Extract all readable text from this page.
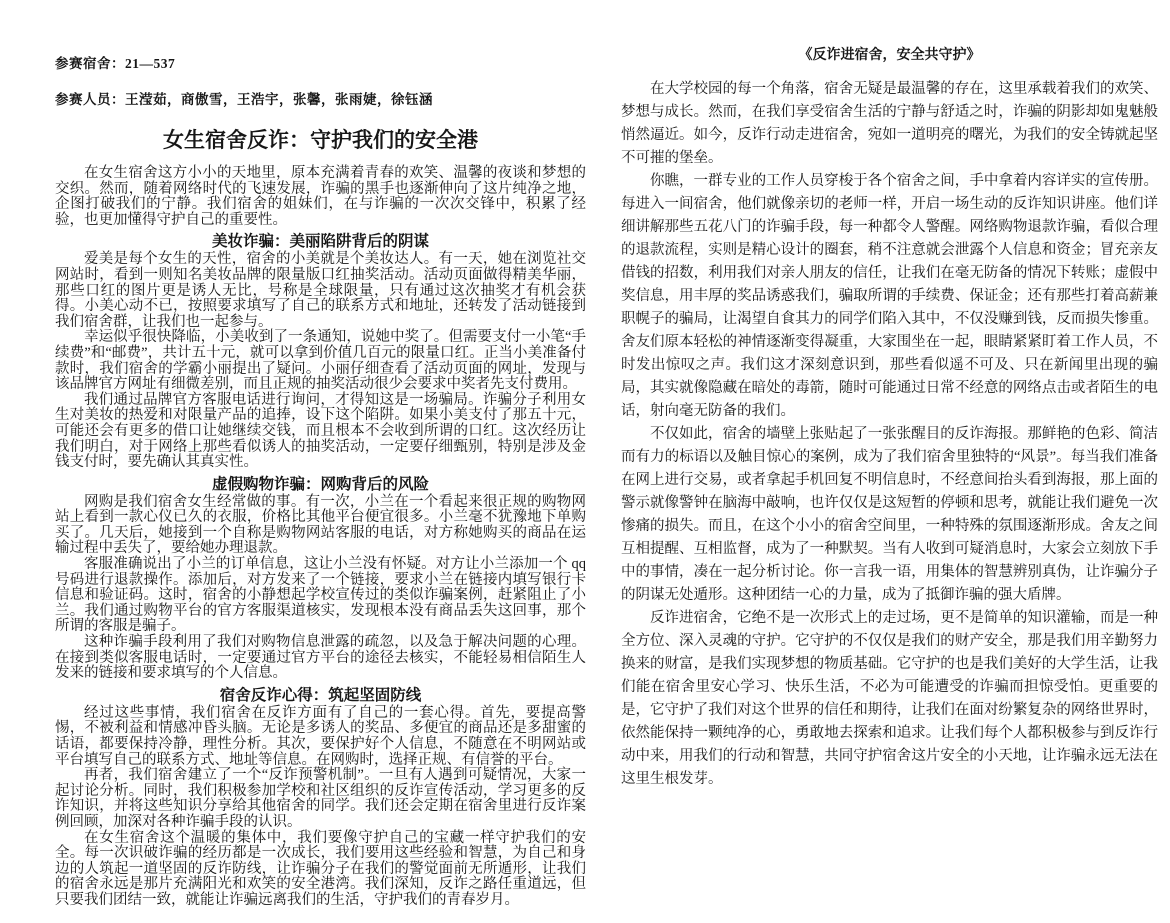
参赛宿舍：21—537
参赛人员：王滢茹，商傲雪，王浩宇，张馨，张雨婕，徐钰涵
女生宿舍反诈：守护我们的安全港

在女生宿舍这方小小的天地里，原本充满着青春的欢笑、温馨的夜谈和梦想的交织。然而，随着网络时代的飞速发展，诈骗的黑手也逐渐伸向了这片纯净之地，企图打破我们的宁静。我们宿舍的姐妹们，在与诈骗的一次次交锋中，积累了经验，也更加懂得守护自己的重要性。

美妆诈骗：美丽陷阱背后的阴谋

爱美是每个女生的天性，宿舍的小美就是个美妆达人。有一天，她在浏览社交网站时，看到一则知名美妆品牌的限量版口红抽奖活动。活动页面做得精美华丽，那些口红的图片更是诱人无比，号称是全球限量，只有通过这次抽奖才有机会获得。小美心动不已，按照要求填写了自己的联系方式和地址，还转发了活动链接到我们宿舍群，让我们也一起参与。

幸运似乎很快降临，小美收到了一条通知，说她中奖了。但需要支付一小笔“手续费”和“邮费”，共计五十元，就可以拿到价值几百元的限量口红。正当小美准备付款时，我们宿舍的学霸小丽提出了疑问。小丽仔细查看了活动页面的网址，发现与该品牌官方网址有细微差别，而且正规的抽奖活动很少会要求中奖者先支付费用。

我们通过品牌官方客服电话进行询问，才得知这是一场骗局。诈骗分子利用女生对美妆的热爱和对限量产品的追捧，设下这个陷阱。如果小美支付了那五十元，可能还会有更多的借口让她继续交钱，而且根本不会收到所谓的口红。这次经历让我们明白，对于网络上那些看似诱人的抽奖活动，一定要仔细甄别，特别是涉及金钱支付时，要先确认其真实性。

虚假购物诈骗：网购背后的风险

网购是我们宿舍女生经常做的事。有一次，小兰在一个看起来很正规的购物网站上看到一款心仪已久的衣服，价格比其他平台便宜很多。小兰毫不犹豫地下单购买了。几天后，她接到一个自称是购物网站客服的电话，对方称她购买的商品在运输过程中丢失了，要给她办理退款。

客服准确说出了小兰的订单信息，这让小兰没有怀疑。对方让小兰添加一个 qq 号码进行退款操作。添加后，对方发来了一个链接，要求小兰在链接内填写银行卡信息和验证码。这时，宿舍的小静想起学校宣传过的类似诈骗案例，赶紧阻止了小兰。我们通过购物平台的官方客服渠道核实，发现根本没有商品丢失这回事，那个所谓的客服是骗子。

这种诈骗手段利用了我们对购物信息泄露的疏忽，以及急于解决问题的心理。在接到类似客服电话时，一定要通过官方平台的途径去核实，不能轻易相信陌生人发来的链接和要求填写的个人信息。

宿舍反诈心得：筑起坚固防线

经过这些事情，我们宿舍在反诈方面有了自己的一套心得。首先，要提高警惕，不被利益和情感冲昏头脑。无论是多诱人的奖品、多便宜的商品还是多甜蜜的话语，都要保持冷静，理性分析。其次，要保护好个人信息，不随意在不明网站或平台填写自己的联系方式、地址等信息。在网购时，选择正规、有信誉的平台。

再者，我们宿舍建立了一个“反诈预警机制”。一旦有人遇到可疑情况，大家一起讨论分析。同时，我们积极参加学校和社区组织的反诈宣传活动，学习更多的反诈知识，并将这些知识分享给其他宿舍的同学。我们还会定期在宿舍里进行反诈案例回顾，加深对各种诈骗手段的认识。

在女生宿舍这个温暖的集体中，我们要像守护自己的宝藏一样守护我们的安全。每一次识破诈骗的经历都是一次成长，我们要用这些经验和智慧，为自己和身边的人筑起一道坚固的反诈防线，让诈骗分子在我们的警觉面前无所遁形，让我们的宿舍永远是那片充满阳光和欢笑的安全港湾。我们深知，反诈之路任重道远，但只要我们团结一致，就能让诈骗远离我们的生活，守护我们的青春岁月。

《反诈进宿舍，安全共守护》

在大学校园的每一个角落，宿舍无疑是最温馨的存在，这里承载着我们的欢笑、梦想与成长。然而，在我们享受宿舍生活的宁静与舒适之时，诈骗的阴影却如鬼魅般悄然逼近。如今，反诈行动走进宿舍，宛如一道明亮的曙光，为我们的安全铸就起坚不可摧的堡垒。

你瞧，一群专业的工作人员穿梭于各个宿舍之间，手中拿着内容详实的宣传册。每进入一间宿舍，他们就像亲切的老师一样，开启一场生动的反诈知识讲座。他们详细讲解那些五花八门的诈骗手段，每一种都令人警醒。网络购物退款诈骗，看似合理的退款流程，实则是精心设计的圈套，稍不注意就会泄露个人信息和资金；冒充亲友借钱的招数，利用我们对亲人朋友的信任，让我们在毫无防备的情况下转账；虚假中奖信息，用丰厚的奖品诱惑我们，骗取所谓的手续费、保证金；还有那些打着高薪兼职幌子的骗局，让渴望自食其力的同学们陷入其中，不仅没赚到钱，反而损失惨重。舍友们原本轻松的神情逐渐变得凝重，大家围坐在一起，眼睛紧紧盯着工作人员，不时发出惊叹之声。我们这才深刻意识到，那些看似遥不可及、只在新闻里出现的骗局，其实就像隐藏在暗处的毒箭，随时可能通过日常不经意的网络点击或者陌生的电话，射向毫无防备的我们。

不仅如此，宿舍的墙壁上张贴起了一张张醒目的反诈海报。那鲜艳的色彩、简洁而有力的标语以及触目惊心的案例，成为了我们宿舍里独特的“风景”。每当我们准备在网上进行交易，或者拿起手机回复不明信息时，不经意间抬头看到海报，那上面的警示就像警钟在脑海中敲响，也许仅仅是这短暂的停顿和思考，就能让我们避免一次惨痛的损失。而且，在这个小小的宿舍空间里，一种特殊的氛围逐渐形成。舍友之间互相提醒、互相监督，成为了一种默契。当有人收到可疑消息时，大家会立刻放下手中的事情，凑在一起分析讨论。你一言我一语，用集体的智慧辨别真伪，让诈骗分子的阴谋无处遁形。这种团结一心的力量，成为了抵御诈骗的强大盾牌。

反诈进宿舍，它绝不是一次形式上的走过场，更不是简单的知识灌输，而是一种全方位、深入灵魂的守护。它守护的不仅仅是我们的财产安全，那是我们用辛勤努力换来的财富，是我们实现梦想的物质基础。它守护的也是我们美好的大学生活，让我们能在宿舍里安心学习、快乐生活，不必为可能遭受的诈骗而担惊受怕。更重要的是，它守护了我们对这个世界的信任和期待，让我们在面对纷繁复杂的网络世界时，依然能保持一颗纯净的心，勇敢地去探索和追求。让我们每个人都积极参与到反诈行动中来，用我们的行动和智慧，共同守护宿舍这片安全的小天地，让诈骗永远无法在这里生根发芽。
